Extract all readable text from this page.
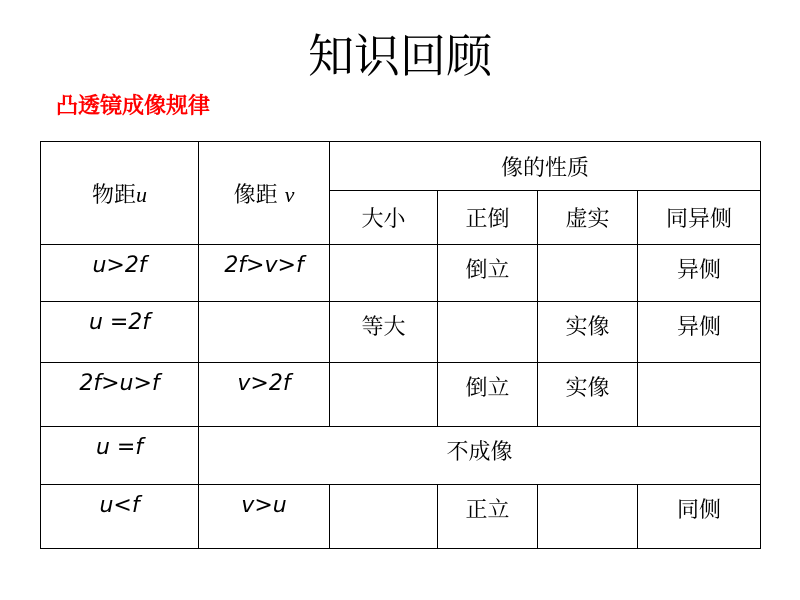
知识回顾
凸透镜成像规律
物距u	像距 v	像的性质			
		大小	正倒	虚实	同异侧
u>2f	2f>v>f		倒立		异侧
u =2f		等大		实像	异侧
2f>u>f	v>2f		倒立	实像	
u =f	不成像				
u<f	v>u		正立		同侧
